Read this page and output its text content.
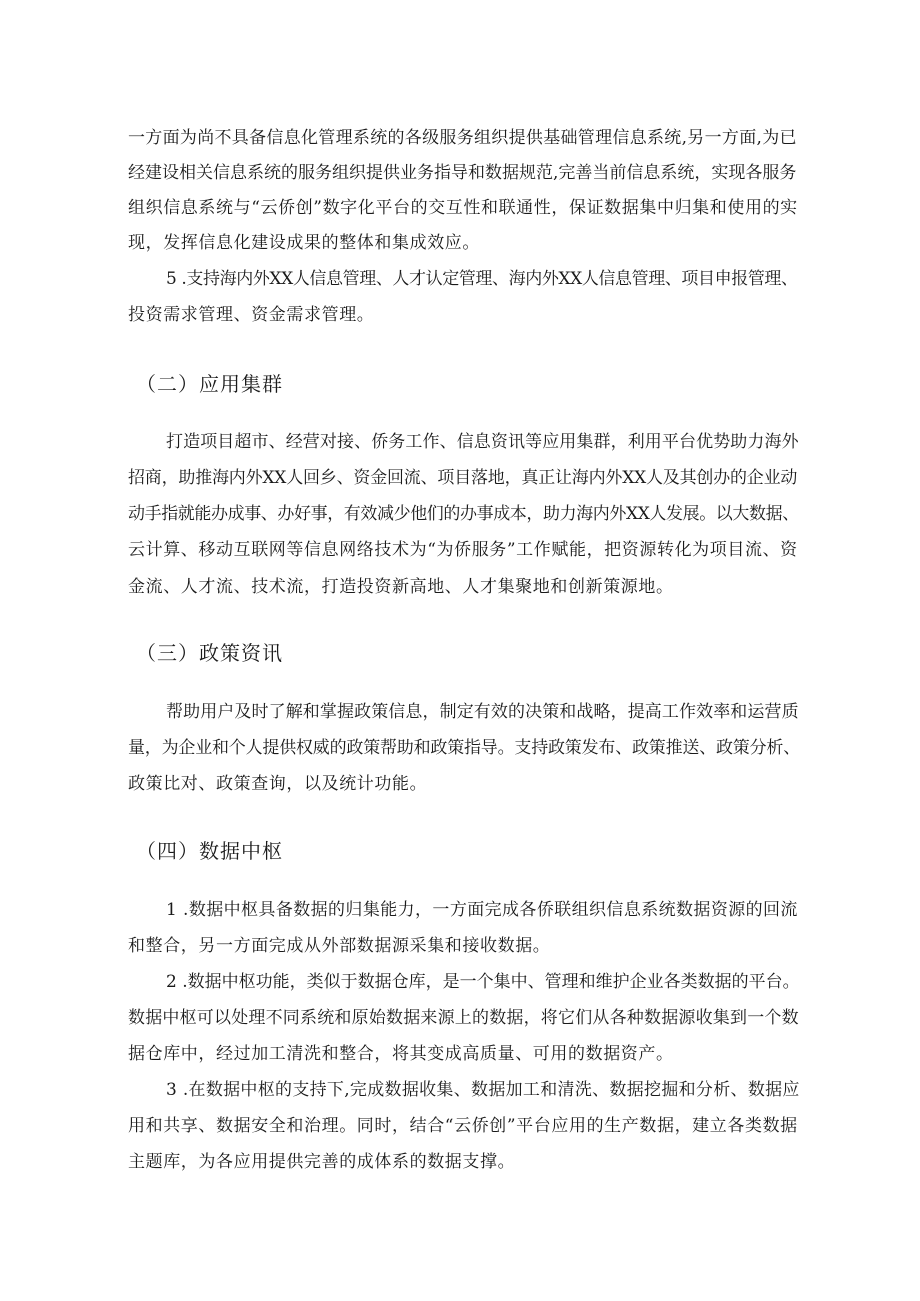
一方面为尚不具备信息化管理系统的各级服务组织提供基础管理信息系统,另一方面,为已
经建设相关信息系统的服务组织提供业务指导和数据规范,完善当前信息系统，实现各服务
组织信息系统与“云侨创”数字化平台的交互性和联通性，保证数据集中归集和使用的实
现，发挥信息化建设成果的整体和集成效应。
5 .支持海内外XX人信息管理、人才认定管理、海内外XX人信息管理、项目申报管理、
投资需求管理、资金需求管理。
（二）应用集群
打造项目超市、经营对接、侨务工作、信息资讯等应用集群，利用平台优势助力海外
招商，助推海内外XX人回乡、资金回流、项目落地，真正让海内外XX人及其创办的企业动
动手指就能办成事、办好事，有效减少他们的办事成本，助力海内外XX人发展。以大数据、
云计算、移动互联网等信息网络技术为“为侨服务”工作赋能，把资源转化为项目流、资
金流、人才流、技术流，打造投资新高地、人才集聚地和创新策源地。
（三）政策资讯
帮助用户及时了解和掌握政策信息，制定有效的决策和战略，提高工作效率和运营质
量，为企业和个人提供权威的政策帮助和政策指导。支持政策发布、政策推送、政策分析、
政策比对、政策查询，以及统计功能。
（四）数据中枢
1 .数据中枢具备数据的归集能力，一方面完成各侨联组织信息系统数据资源的回流
和整合，另一方面完成从外部数据源采集和接收数据。
2 .数据中枢功能，类似于数据仓库，是一个集中、管理和维护企业各类数据的平台。
数据中枢可以处理不同系统和原始数据来源上的数据，将它们从各种数据源收集到一个数
据仓库中，经过加工清洗和整合，将其变成高质量、可用的数据资产。
3 .在数据中枢的支持下,完成数据收集、数据加工和清洗、数据挖掘和分析、数据应
用和共享、数据安全和治理。同时，结合“云侨创”平台应用的生产数据，建立各类数据
主题库，为各应用提供完善的成体系的数据支撑。
